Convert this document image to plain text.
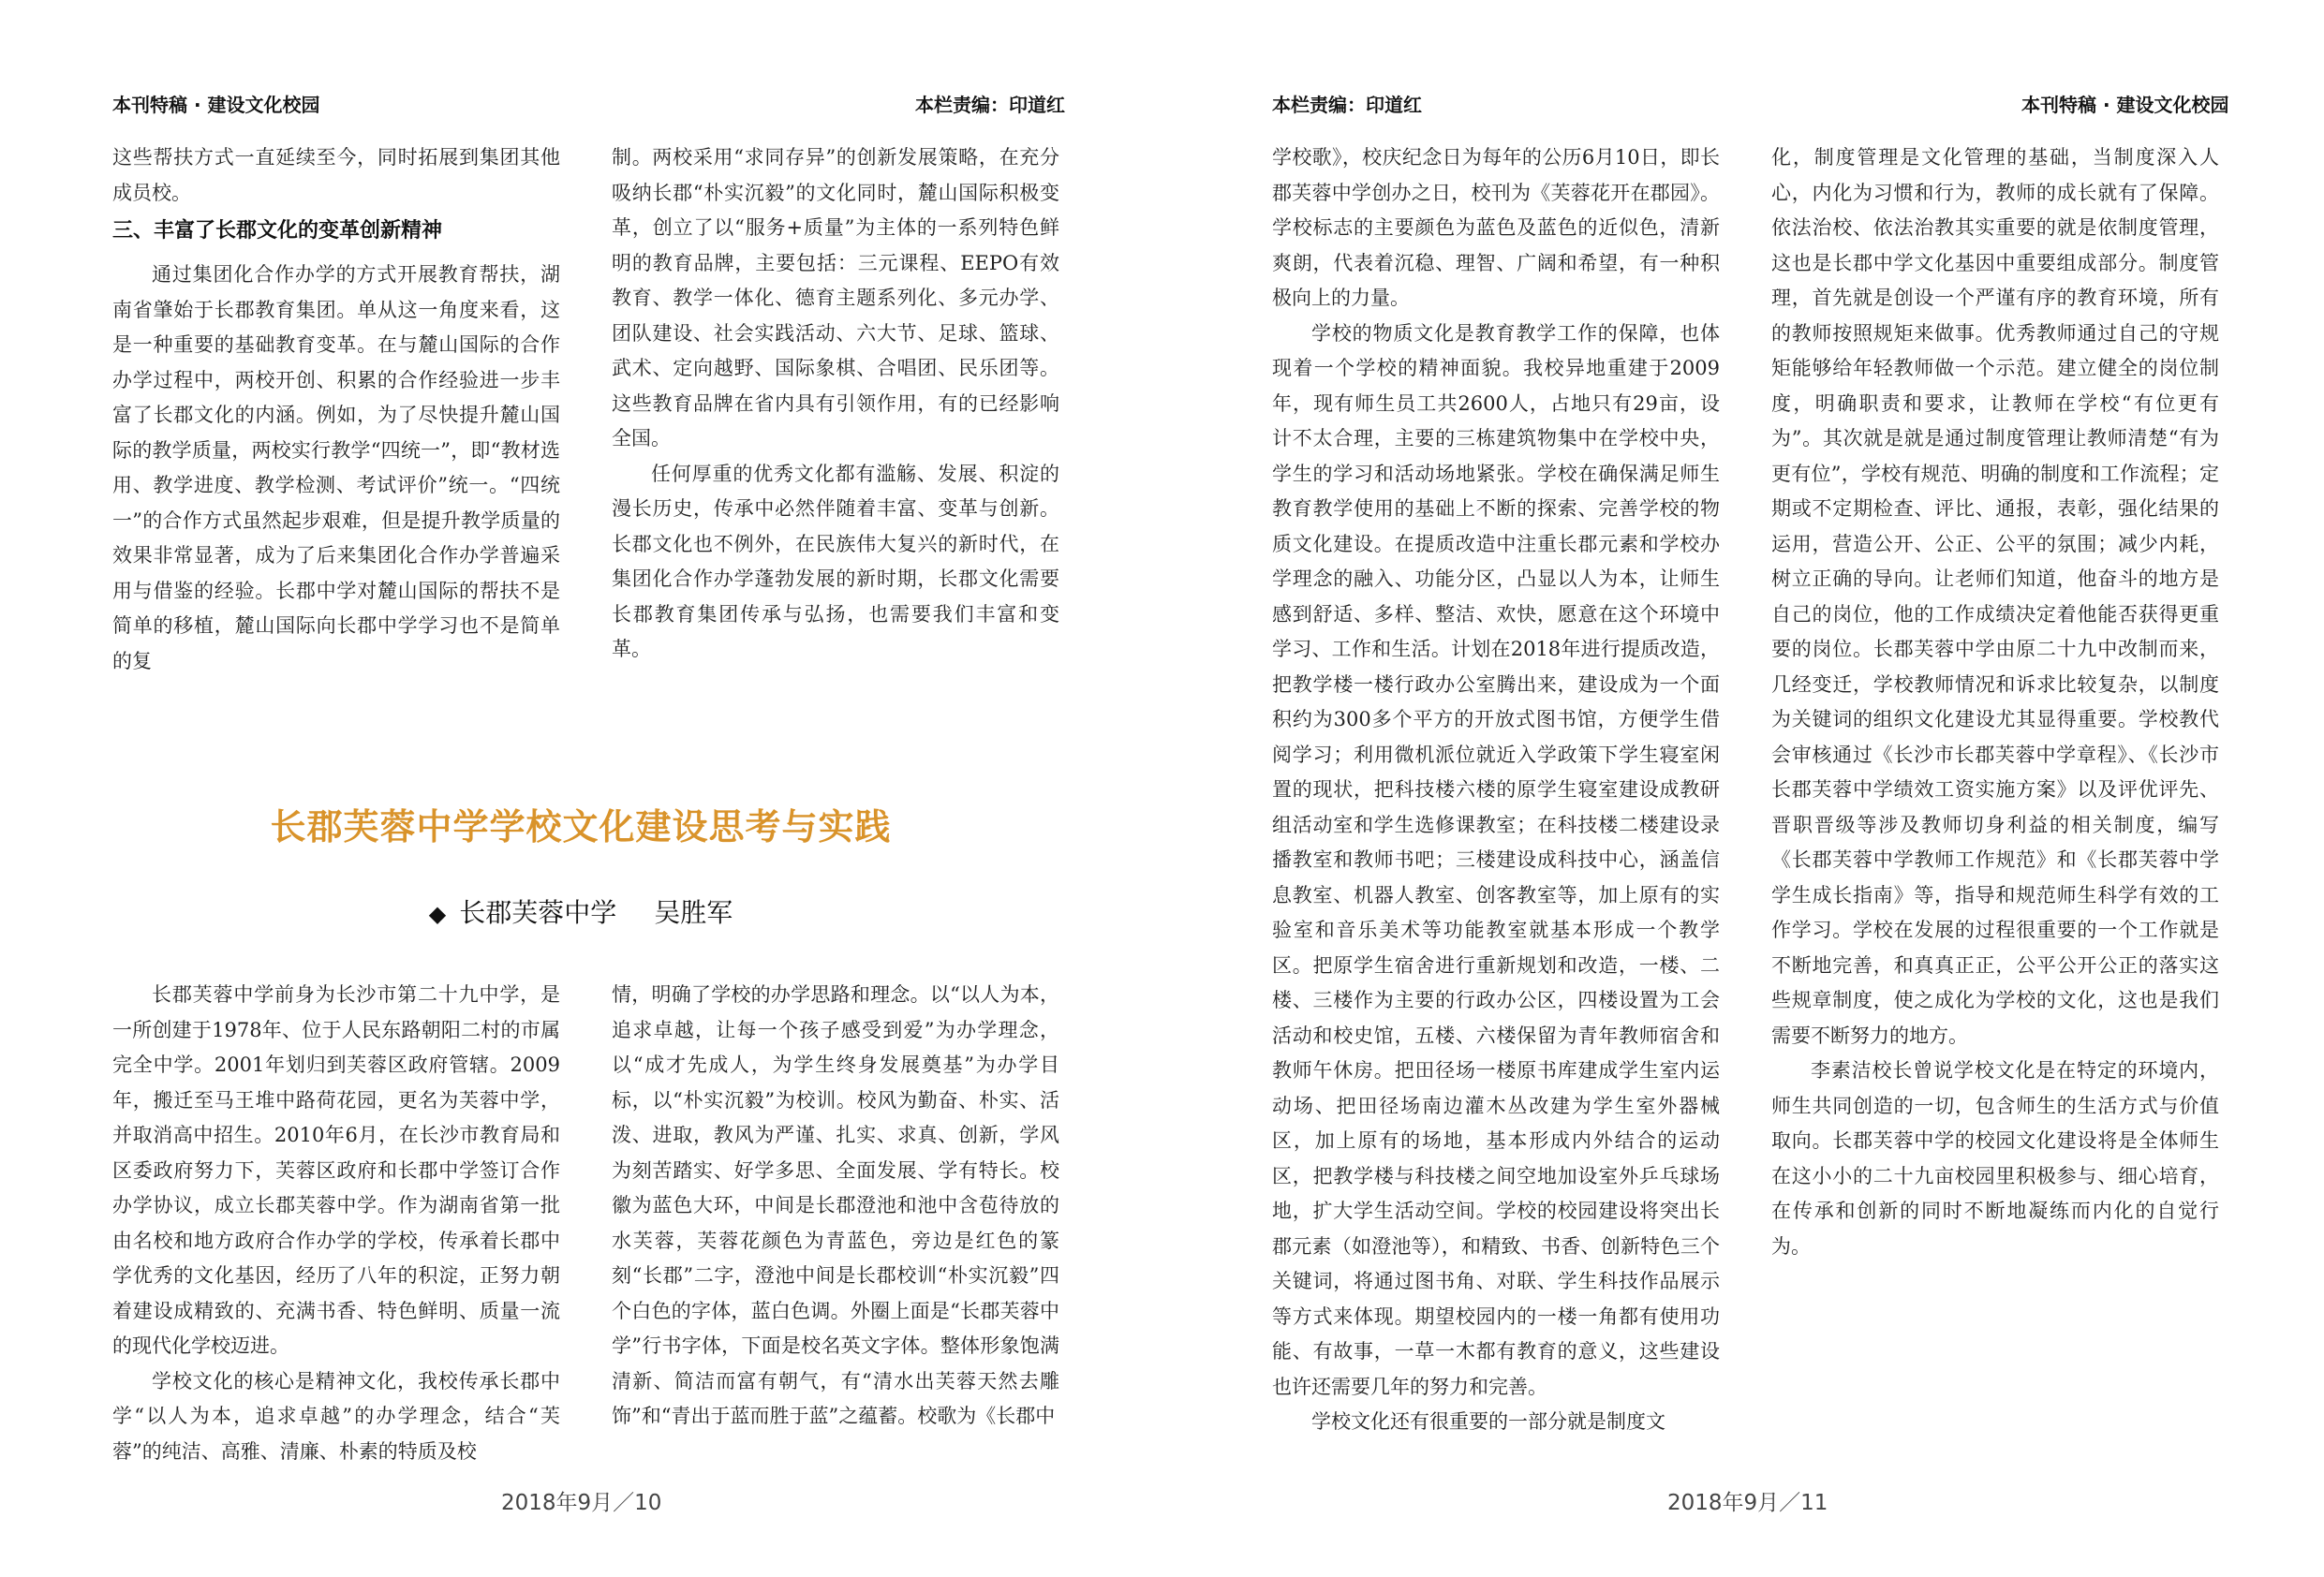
本刊特稿 · 建设文化校园	本栏责编：印道红

这些帮扶方式一直延续至今，同时拓展到集团其他成员校。

三、丰富了长郡文化的变革创新精神

通过集团化合作办学的方式开展教育帮扶，湖南省肇始于长郡教育集团。单从这一角度来看，这是一种重要的基础教育变革。在与麓山国际的合作办学过程中，两校开创、积累的合作经验进一步丰富了长郡文化的内涵。例如，为了尽快提升麓山国际的教学质量，两校实行教学“四统一”，即“教材选用、教学进度、教学检测、考试评价”统一。“四统一”的合作方式虽然起步艰难，但是提升教学质量的效果非常显著，成为了后来集团化合作办学普遍采用与借鉴的经验。长郡中学对麓山国际的帮扶不是简单的移植，麓山国际向长郡中学学习也不是简单的复

制。两校采用“求同存异”的创新发展策略，在充分吸纳长郡“朴实沉毅”的文化同时，麓山国际积极变革，创立了以“服务+质量”为主体的一系列特色鲜明的教育品牌，主要包括：三元课程、EEPO有效教育、教学一体化、德育主题系列化、多元办学、团队建设、社会实践活动、六大节、足球、篮球、武术、定向越野、国际象棋、合唱团、民乐团等。这些教育品牌在省内具有引领作用，有的已经影响全国。

任何厚重的优秀文化都有滥觞、发展、积淀的漫长历史，传承中必然伴随着丰富、变革与创新。长郡文化也不例外，在民族伟大复兴的新时代，在集团化合作办学蓬勃发展的新时期，长郡文化需要长郡教育集团传承与弘扬，也需要我们丰富和变革。

长郡芙蓉中学学校文化建设思考与实践
◆ 长郡芙蓉中学 吴胜军

长郡芙蓉中学前身为长沙市第二十九中学，是一所创建于1978年、位于人民东路朝阳二村的市属完全中学。2001年划归到芙蓉区政府管辖。2009年，搬迁至马王堆中路荷花园，更名为芙蓉中学，并取消高中招生。2010年6月，在长沙市教育局和区委政府努力下，芙蓉区政府和长郡中学签订合作办学协议，成立长郡芙蓉中学。作为湖南省第一批由名校和地方政府合作办学的学校，传承着长郡中学优秀的文化基因，经历了八年的积淀，正努力朝着建设成精致的、充满书香、特色鲜明、质量一流的现代化学校迈进。

学校文化的核心是精神文化，我校传承长郡中学“以人为本，追求卓越”的办学理念，结合“芙蓉”的纯洁、高雅、清廉、朴素的特质及校

情，明确了学校的办学思路和理念。以“以人为本，追求卓越，让每一个孩子感受到爱”为办学理念，以“成才先成人，为学生终身发展奠基”为办学目标，以“朴实沉毅”为校训。校风为勤奋、朴实、活泼、进取，教风为严谨、扎实、求真、创新，学风为刻苦踏实、好学多思、全面发展、学有特长。校徽为蓝色大环，中间是长郡澄池和池中含苞待放的水芙蓉，芙蓉花颜色为青蓝色，旁边是红色的篆刻“长郡”二字，澄池中间是长郡校训“朴实沉毅”四个白色的字体，蓝白色调。外圈上面是“长郡芙蓉中学”行书字体，下面是校名英文字体。整体形象饱满清新、简洁而富有朝气，有“清水出芙蓉天然去雕饰”和“青出于蓝而胜于蓝”之蕴蓄。校歌为《长郡中

2018年9月／10
本栏责编：印道红	本刊特稿 · 建设文化校园

学校歌》，校庆纪念日为每年的公历6月10日，即长郡芙蓉中学创办之日，校刊为《芙蓉花开在郡园》。学校标志的主要颜色为蓝色及蓝色的近似色，清新爽朗，代表着沉稳、理智、广阔和希望，有一种积极向上的力量。

学校的物质文化是教育教学工作的保障，也体现着一个学校的精神面貌。我校异地重建于2009年，现有师生员工共2600人，占地只有29亩，设计不太合理，主要的三栋建筑物集中在学校中央，学生的学习和活动场地紧张。学校在确保满足师生教育教学使用的基础上不断的探索、完善学校的物质文化建设。在提质改造中注重长郡元素和学校办学理念的融入、功能分区，凸显以人为本，让师生感到舒适、多样、整洁、欢快，愿意在这个环境中学习、工作和生活。计划在2018年进行提质改造，把教学楼一楼行政办公室腾出来，建设成为一个面积约为300多个平方的开放式图书馆，方便学生借阅学习；利用微机派位就近入学政策下学生寝室闲置的现状，把科技楼六楼的原学生寝室建设成教研组活动室和学生选修课教室；在科技楼二楼建设录播教室和教师书吧；三楼建设成科技中心，涵盖信息教室、机器人教室、创客教室等，加上原有的实验室和音乐美术等功能教室就基本形成一个教学区。把原学生宿舍进行重新规划和改造，一楼、二楼、三楼作为主要的行政办公区，四楼设置为工会活动和校史馆，五楼、六楼保留为青年教师宿舍和教师午休房。把田径场一楼原书库建成学生室内运动场、把田径场南边灌木丛改建为学生室外器械区，加上原有的场地，基本形成内外结合的运动区，把教学楼与科技楼之间空地加设室外乒乓球场地，扩大学生活动空间。学校的校园建设将突出长郡元素（如澄池等），和精致、书香、创新特色三个关键词，将通过图书角、对联、学生科技作品展示等方式来体现。期望校园内的一楼一角都有使用功能、有故事，一草一木都有教育的意义，这些建设也许还需要几年的努力和完善。

学校文化还有很重要的一部分就是制度文

化，制度管理是文化管理的基础，当制度深入人心，内化为习惯和行为，教师的成长就有了保障。依法治校、依法治教其实重要的就是依制度管理，这也是长郡中学文化基因中重要组成部分。制度管理，首先就是创设一个严谨有序的教育环境，所有的教师按照规矩来做事。优秀教师通过自己的守规矩能够给年轻教师做一个示范。建立健全的岗位制度，明确职责和要求，让教师在学校“有位更有为”。其次就是就是通过制度管理让教师清楚“有为更有位”，学校有规范、明确的制度和工作流程；定期或不定期检查、评比、通报，表彰，强化结果的运用，营造公开、公正、公平的氛围；减少内耗，树立正确的导向。让老师们知道，他奋斗的地方是自己的岗位，他的工作成绩决定着他能否获得更重要的岗位。长郡芙蓉中学由原二十九中改制而来，几经变迁，学校教师情况和诉求比较复杂，以制度为关键词的组织文化建设尤其显得重要。学校教代会审核通过《长沙市长郡芙蓉中学章程》、《长沙市长郡芙蓉中学绩效工资实施方案》以及评优评先、晋职晋级等涉及教师切身利益的相关制度，编写《长郡芙蓉中学教师工作规范》和《长郡芙蓉中学学生成长指南》等，指导和规范师生科学有效的工作学习。学校在发展的过程很重要的一个工作就是不断地完善，和真真正正，公平公开公正的落实这些规章制度，使之成化为学校的文化，这也是我们需要不断努力的地方。

李素洁校长曾说学校文化是在特定的环境内，师生共同创造的一切，包含师生的生活方式与价值取向。长郡芙蓉中学的校园文化建设将是全体师生在这小小的二十九亩校园里积极参与、细心培育，在传承和创新的同时不断地凝练而内化的自觉行为。

2018年9月／11
